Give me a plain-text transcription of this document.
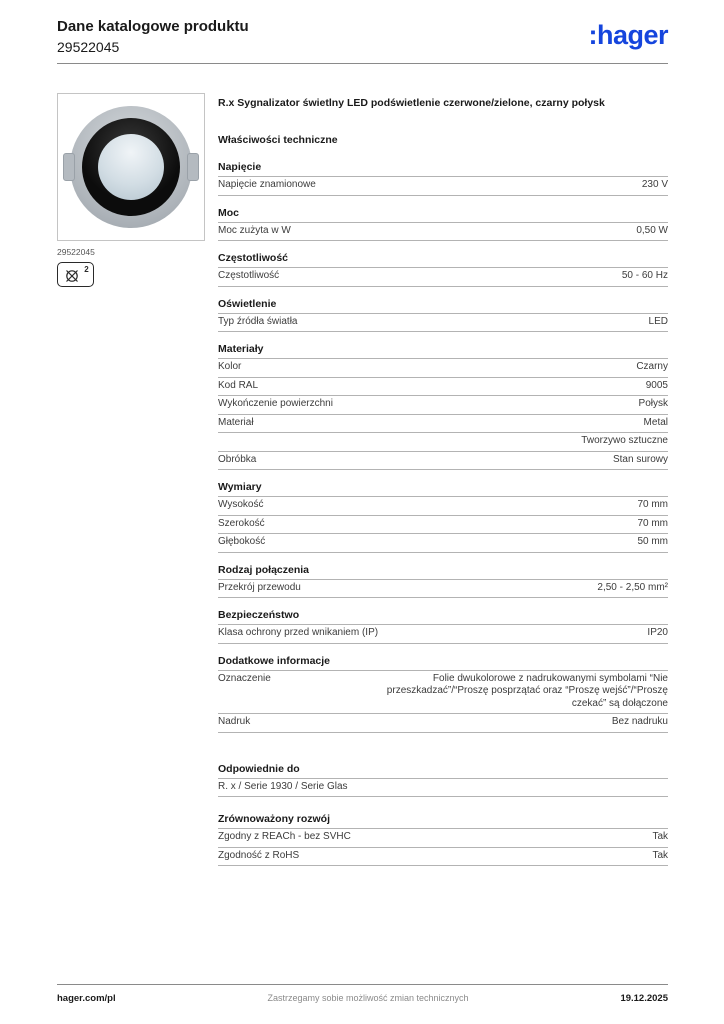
Dane katalogowe produktu
29522045	:hager
29522045
2
R.x Sygnalizator świetlny LED podświetlenie czerwone/zielone, czarny połysk
Właściwości techniczne
Napięcie
Napięcie znamionowe	230 V
Moc
Moc zużyta w W	0,50 W
Częstotliwość
Częstotliwość	50 - 60 Hz
Oświetlenie
Typ źródła światła	LED
Materiały
Kolor	Czarny
Kod RAL	9005
Wykończenie powierzchni	Połysk
Materiał	Metal
Tworzywo sztuczne
Obróbka	Stan surowy
Wymiary
Wysokość	70 mm
Szerokość	70 mm
Głębokość	50 mm
Rodzaj połączenia
Przekrój przewodu	2,50 - 2,50 mm²
Bezpieczeństwo
Klasa ochrony przed wnikaniem (IP)	IP20
Dodatkowe informacje
Oznaczenie	Folie dwukolorowe z nadrukowanymi symbolami “Nie przeszkadzać”/“Proszę posprzątać oraz “Proszę wejść”/“Proszę czekać” są dołączone
Nadruk	Bez nadruku
Odpowiednie do
R. x / Serie 1930 / Serie Glas
Zrównoważony rozwój
Zgodny z REACh - bez SVHC	Tak
Zgodność z RoHS	Tak
hager.com/pl	Zastrzegamy sobie możliwość zmian technicznych	19.12.2025
